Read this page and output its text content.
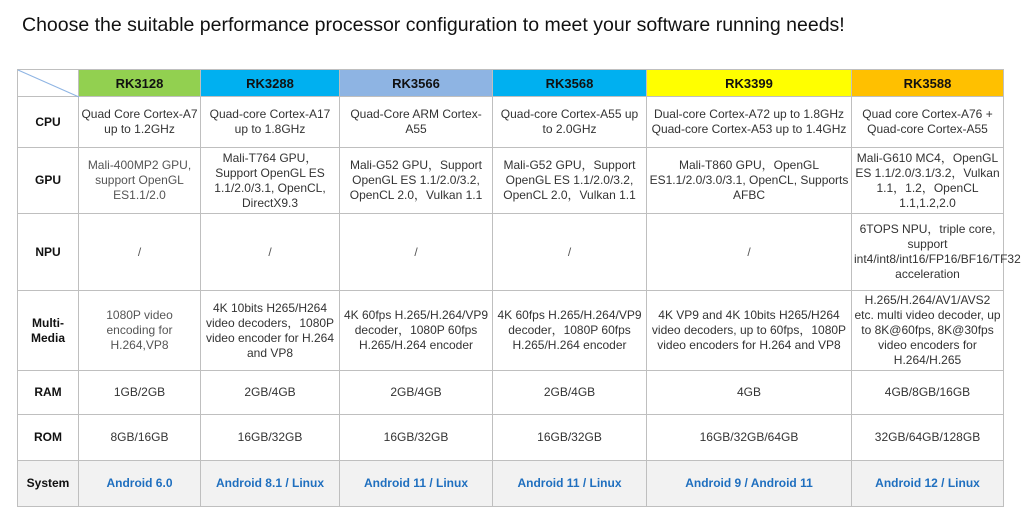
Choose the suitable performance processor configuration to meet your software running needs!
	RK3128	RK3288	RK3566	RK3568	RK3399	RK3588
CPU	Quad Core Cortex-A7 up to 1.2GHz	Quad-core Cortex-A17 up to 1.8GHz	Quad-Core ARM Cortex-A55	Quad-core Cortex-A55 up to 2.0GHz	Dual-core Cortex-A72 up to 1.8GHz Quad-core Cortex-A53 up to 1.4GHz	Quad core Cortex-A76 + Quad-core Cortex-A55
GPU	Mali-400MP2 GPU, support OpenGL ES1.1/2.0	Mali-T764 GPU，Support OpenGL ES 1.1/2.0/3.1, OpenCL, DirectX9.3	Mali-G52 GPU，Support OpenGL ES 1.1/2.0/3.2, OpenCL 2.0，Vulkan 1.1	Mali-G52 GPU，Support OpenGL ES 1.1/2.0/3.2, OpenCL 2.0，Vulkan 1.1	Mali-T860 GPU，OpenGL ES1.1/2.0/3.0/3.1, OpenCL, Supports AFBC	Mali-G610 MC4，OpenGL ES 1.1/2.0/3.1/3.2，Vulkan 1.1，1.2，OpenCL 1.1,1.2,2.0
NPU	/	/	/	/	/	6TOPS NPU，triple core, support int4/int8/int16/FP16/BF16/TF32 acceleration
Multi-Media	1080P video encoding for H.264,VP8	4K 10bits H265/H264 video decoders，1080P video encoder for H.264 and VP8	4K 60fps H.265/H.264/VP9 decoder，1080P 60fps H.265/H.264 encoder	4K 60fps H.265/H.264/VP9 decoder，1080P 60fps H.265/H.264 encoder	4K VP9 and 4K 10bits H265/H264 video decoders, up to 60fps，1080P video encoders for H.264 and VP8	H.265/H.264/AV1/AVS2 etc. multi video decoder, up to 8K@60fps, 8K@30fps video encoders for H.264/H.265
RAM	1GB/2GB	2GB/4GB	2GB/4GB	2GB/4GB	4GB	4GB/8GB/16GB
ROM	8GB/16GB	16GB/32GB	16GB/32GB	16GB/32GB	16GB/32GB/64GB	32GB/64GB/128GB
System	Android 6.0	Android 8.1 / Linux	Android 11 / Linux	Android 11 / Linux	Android 9 / Android 11	Android 12 / Linux
